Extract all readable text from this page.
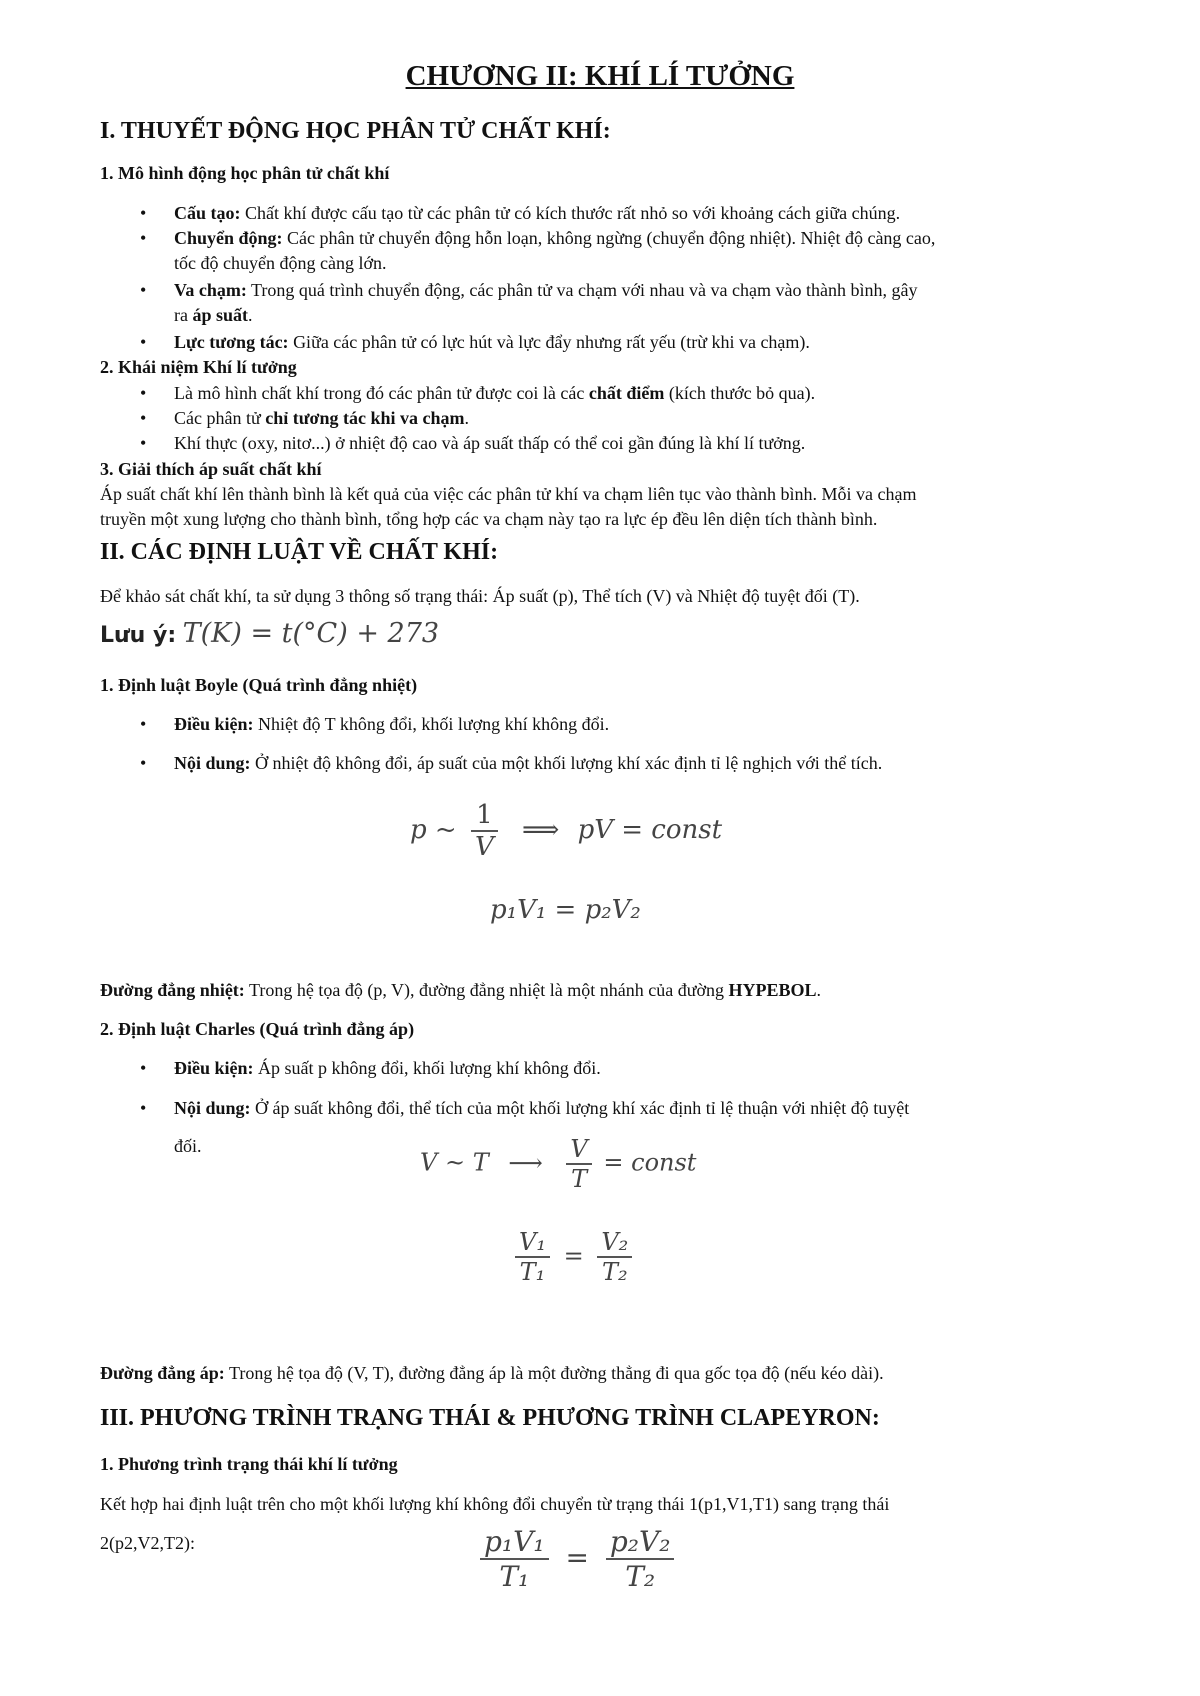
CHƯƠNG II: KHÍ LÍ TƯỞNG
I. THUYẾT ĐỘNG HỌC PHÂN TỬ CHẤT KHÍ:
1. Mô hình động học phân tử chất khí
• Cấu tạo: Chất khí được cấu tạo từ các phân tử có kích thước rất nhỏ so với khoảng cách giữa chúng.
• Chuyển động: Các phân tử chuyển động hỗn loạn, không ngừng (chuyển động nhiệt). Nhiệt độ càng cao,
tốc độ chuyển động càng lớn.
• Va chạm: Trong quá trình chuyển động, các phân tử va chạm với nhau và va chạm vào thành bình, gây
ra áp suất.
• Lực tương tác: Giữa các phân tử có lực hút và lực đẩy nhưng rất yếu (trừ khi va chạm).
2. Khái niệm Khí lí tưởng
• Là mô hình chất khí trong đó các phân tử được coi là các chất điểm (kích thước bỏ qua).
• Các phân tử chỉ tương tác khi va chạm.
• Khí thực (oxy, nitơ...) ở nhiệt độ cao và áp suất thấp có thể coi gần đúng là khí lí tưởng.
3. Giải thích áp suất chất khí
Áp suất chất khí lên thành bình là kết quả của việc các phân tử khí va chạm liên tục vào thành bình. Mỗi va chạm
truyền một xung lượng cho thành bình, tổng hợp các va chạm này tạo ra lực ép đều lên diện tích thành bình.
II. CÁC ĐỊNH LUẬT VỀ CHẤT KHÍ:
Để khảo sát chất khí, ta sử dụng 3 thông số trạng thái: Áp suất (p), Thể tích (V) và Nhiệt độ tuyệt đối (T).
Lưu ý: T(K) = t(°C) + 273
1. Định luật Boyle (Quá trình đẳng nhiệt)
• Điều kiện: Nhiệt độ T không đổi, khối lượng khí không đổi.
• Nội dung: Ở nhiệt độ không đổi, áp suất của một khối lượng khí xác định tỉ lệ nghịch với thể tích.
p ~ $\frac{1}{V}$ ⟹ pV = const
p₁V₁ = p₂V₂
Đường đẳng nhiệt: Trong hệ tọa độ (p, V), đường đẳng nhiệt là một nhánh của đường HYPEBOL.
2. Định luật Charles (Quá trình đẳng áp)
• Điều kiện: Áp suất p không đổi, khối lượng khí không đổi.
• Nội dung: Ở áp suất không đổi, thể tích của một khối lượng khí xác định tỉ lệ thuận với nhiệt độ tuyệt
đối.
V ~ T ⟶ $\frac{V}{T}$ = const
$\frac{\text{V₁}}{\text{T₁}} = \frac{\text{V₂}}{\text{T₂}}$
Đường đẳng áp: Trong hệ tọa độ (V, T), đường đẳng áp là một đường thẳng đi qua gốc tọa độ (nếu kéo dài).
III. PHƯƠNG TRÌNH TRẠNG THÁI & PHƯƠNG TRÌNH CLAPEYRON:
1. Phương trình trạng thái khí lí tưởng
Kết hợp hai định luật trên cho một khối lượng khí không đổi chuyển từ trạng thái 1(p1,V1,T1) sang trạng thái
2(p2,V2,T2):	$\frac{\text{p₁V₁}}{\text{T₁}} = \frac{\text{p₂V₂}}{\text{T₂}}$
